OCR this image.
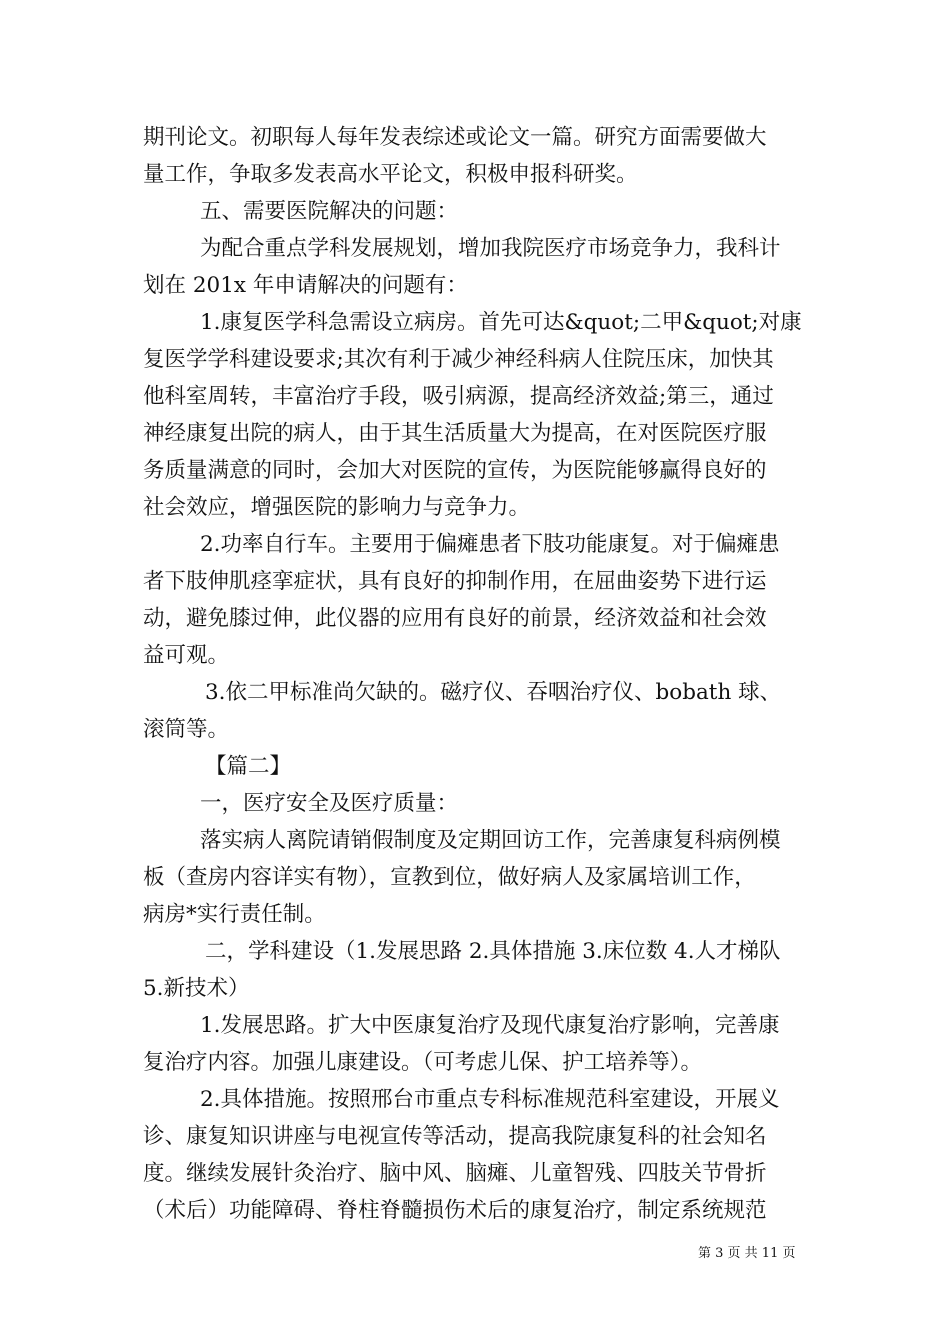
期刊论文。初职每人每年发表综述或论文一篇。研究方面需要做大
量工作，争取多发表高水平论文，积极申报科研奖。
五、需要医院解决的问题：
为配合重点学科发展规划，增加我院医疗市场竞争力，我科计
划在 201x 年申请解决的问题有：
1.康复医学科急需设立病房。首先可达&quot;二甲&quot;对康
复医学学科建设要求;其次有利于减少神经科病人住院压床，加快其
他科室周转，丰富治疗手段，吸引病源，提高经济效益;第三，通过
神经康复出院的病人，由于其生活质量大为提高，在对医院医疗服
务质量满意的同时，会加大对医院的宣传，为医院能够赢得良好的
社会效应，增强医院的影响力与竞争力。
2.功率自行车。主要用于偏瘫患者下肢功能康复。对于偏瘫患
者下肢伸肌痉挛症状，具有良好的抑制作用，在屈曲姿势下进行运
动，避免膝过伸，此仪器的应用有良好的前景，经济效益和社会效
益可观。
3.依二甲标准尚欠缺的。磁疗仪、吞咽治疗仪、bobath 球、
滚筒等。
【篇二】
一，医疗安全及医疗质量：
落实病人离院请销假制度及定期回访工作，完善康复科病例模
板（查房内容详实有物），宣教到位，做好病人及家属培训工作，
病房*实行责任制。
二，学科建设（1.发展思路 2.具体措施 3.床位数 4.人才梯队
5.新技术）
1.发展思路。扩大中医康复治疗及现代康复治疗影响，完善康
复治疗内容。加强儿康建设。（可考虑儿保、护工培养等）。
2.具体措施。按照邢台市重点专科标准规范科室建设，开展义
诊、康复知识讲座与电视宣传等活动，提高我院康复科的社会知名
度。继续发展针灸治疗、脑中风、脑瘫、儿童智残、四肢关节骨折
（术后）功能障碍、脊柱脊髓损伤术后的康复治疗，制定系统规范
第 3 页 共 11 页
